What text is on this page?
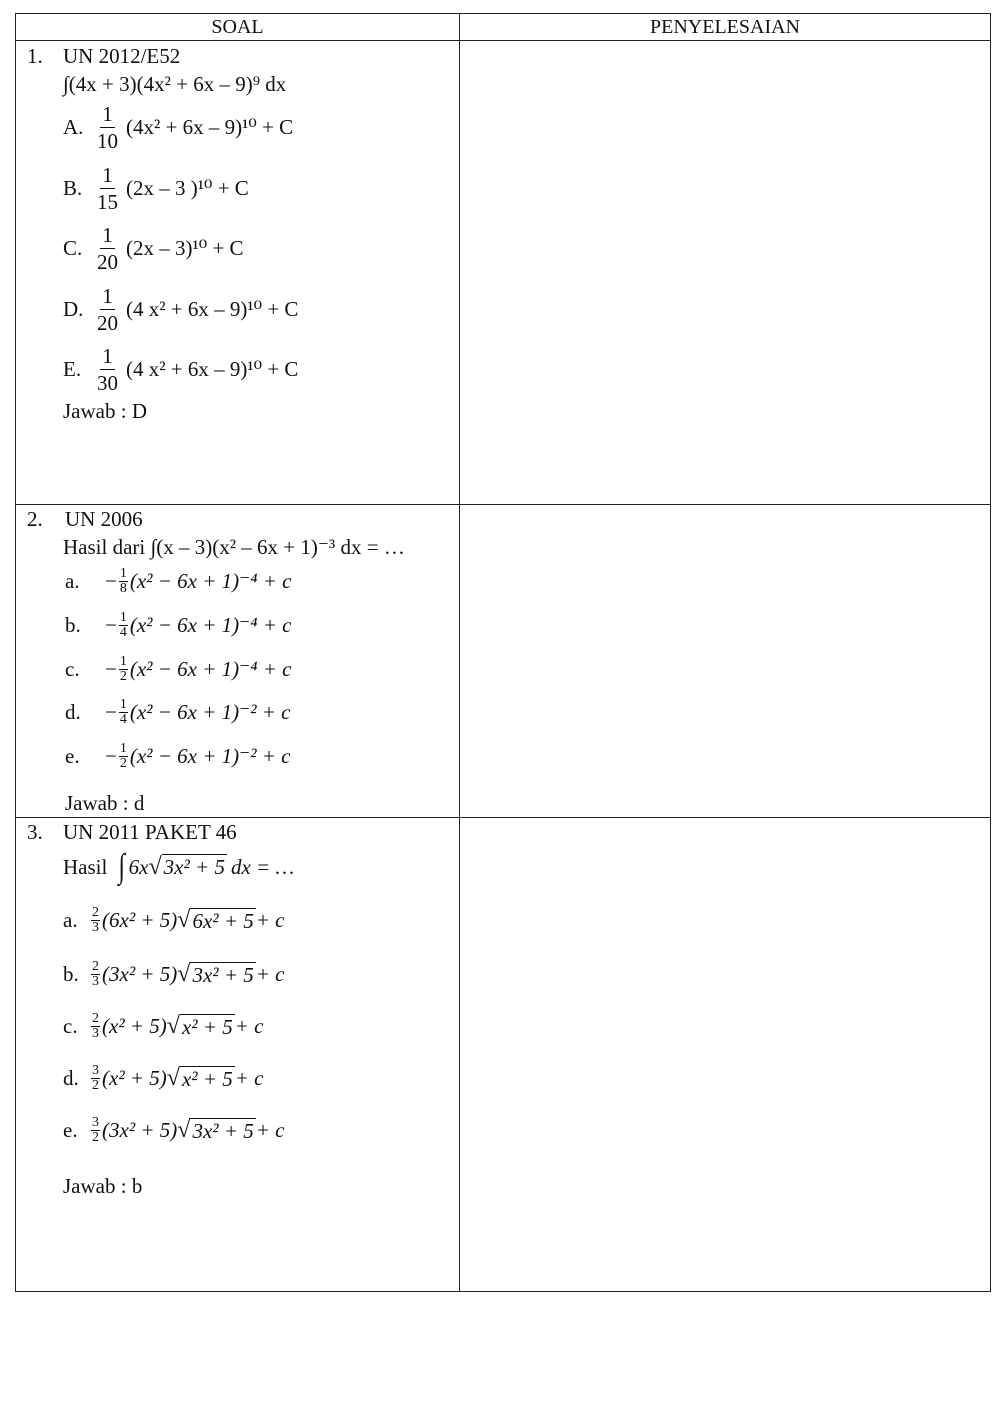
SOAL	PENYELESAIAN
1. UN 2012/E52
∫(4x + 3)(4x² + 6x – 9)⁹ dx
A. $\frac{1}{10} (4x^2 + 6x - 9)^{10} + C$
B. $\frac{1}{15} (2x - 3$ )¹⁰ + C
C. $\frac{1}{20} (2x - 3)^{10} + C$
D. $\frac{1}{20} (4$ x² + 6x – 9)¹⁰ + C
E. $\frac{1}{30} (4$ x² + 6x – 9)¹⁰ + C
Jawab : D
2. UN 2006
Hasil dari ∫(x – 3)(x² – 6x + 1)⁻³ dx = …
a.	− $\frac{1}{8} (x^2 - 6x + 1)^{-4} + c$
b.	− $\frac{1}{4} (x^2 - 6x + 1)^{-4} + c$
c.	− $\frac{1}{2} (x^2 - 6x + 1)^{-4} + c$
d.	− $\frac{1}{4} (x^2 - 6x + 1)^{-2} + c$
e.	− $\frac{1}{2} (x^2 - 6x + 1)^{-2} + c$
Jawab : d
3. UN 2011 PAKET 46
Hasil ∫ 6x √ 3x² + 5 dx = …
a.	2
3 (6x² + 5) √ 6x² + 5 + c
b. 2
3 (3x² + 5) √ 3x² + 5 + c
c.	2
3 (x² + 5) √ x² + 5 + c
d. 3
2 (x² + 5) √ x² + 5 + c
e.	3
2 (3x² + 5) √ 3x² + 5 + c
Jawab : b
